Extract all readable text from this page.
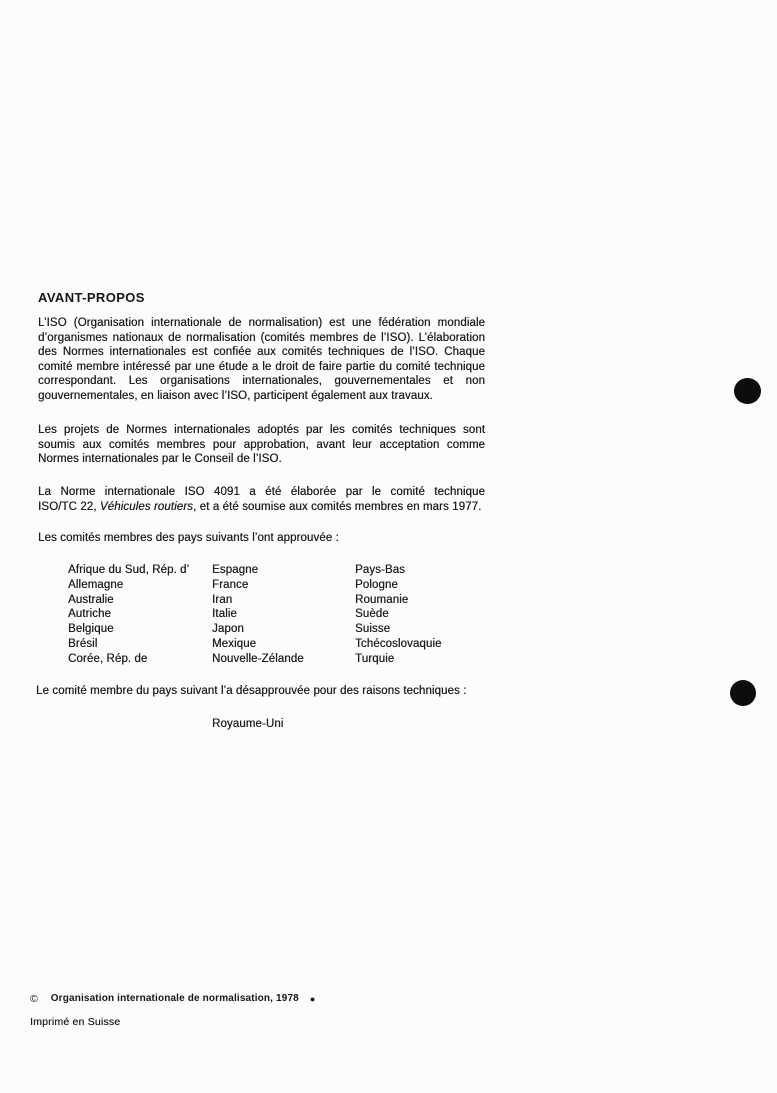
AVANT-PROPOS
L’ISO (Organisation internationale de normalisation) est une fédération mondiale
d’organismes nationaux de normalisation (comités membres de l’ISO). L’élaboration
des Normes internationales est confiée aux comités techniques de l’ISO. Chaque
comité membre intéressé par une étude a le droit de faire partie du comité technique
correspondant. Les organisations internationales, gouvernementales et non
gouvernementales, en liaison avec l’ISO, participent également aux travaux.
Les projets de Normes internationales adoptés par les comités techniques sont
soumis aux comités membres pour approbation, avant leur acceptation comme
Normes internationales par le Conseil de l’ISO.
La Norme internationale ISO 4091 a été élaborée par le comité technique
ISO/TC 22, Véhicules routiers, et a été soumise aux comités membres en mars 1977.
Les comités membres des pays suivants l’ont approuvée :
Afrique du Sud, Rép. d’
Allemagne
Australie
Autriche
Belgique
Brésil
Corée, Rép. de
Espagne
France
Iran
Italie
Japon
Mexique
Nouvelle-Zélande
Pays-Bas
Pologne
Roumanie
Suède
Suisse
Tchécoslovaquie
Turquie
Le comité membre du pays suivant l’a désapprouvée pour des raisons techniques :
Royaume-Uni
© Organisation internationale de normalisation, 1978 ●
Imprimé en Suisse
